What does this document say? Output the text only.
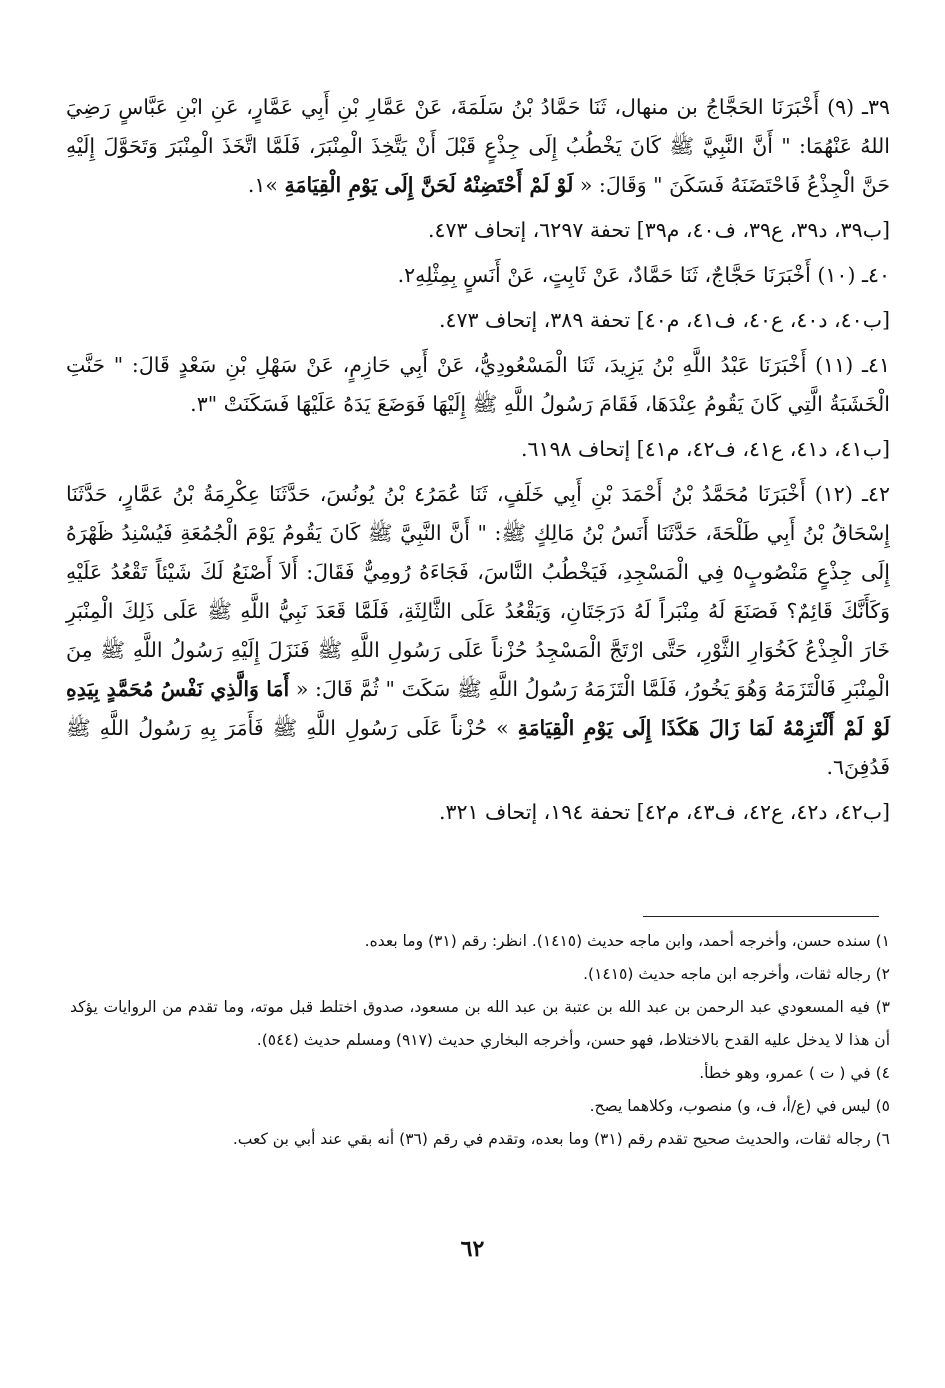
٣٩ـ (٩) أَخْبَرَنَا الحَجَّاجُ بن منهال، ثَنَا حَمَّادُ بْنُ سَلَمَةَ، عَنْ عَمَّارِ بْنِ أَبِي عَمَّارٍ، عَنِ ابْنِ عَبَّاسٍ رَضِيَ اللهُ عَنْهُمَا: " أَنَّ النَّبِيَّ ﷺ كَانَ يَخْطُبُ إِلَى جِذْعٍ قَبْلَ أَنْ يَتَّخِذَ الْمِنْبَرَ، فَلَمَّا اتَّخَذَ الْمِنْبَرَ وَتَحَوَّلَ إِلَيْهِ حَنَّ الْجِذْعُ فَاحْتَضَنَهُ فَسَكَنَ " وَقَالَ: « لَوْ لَمْ أَحْتَضِنْهُ لَحَنَّ إِلَى يَوْمِ الْقِيَامَةِ »١.

[ب٣٩، د٣٩، ع٣٩، ف٤٠، م٣٩] تحفة ٦٢٩٧، إتحاف ٤٧٣.

٤٠ـ (١٠) أَخْبَرَنَا حَجَّاجٌ، ثَنَا حَمَّادٌ، عَنْ ثَابِتٍ، عَنْ أَنَسٍ بِمِثْلِهِ٢.

[ب٤٠، د٤٠، ع٤٠، ف٤١، م٤٠] تحفة ٣٨٩، إتحاف ٤٧٣.

٤١ـ (١١) أَخْبَرَنَا عَبْدُ اللَّهِ بْنُ يَزِيدَ، ثَنَا الْمَسْعُودِيُّ، عَنْ أَبِي حَازِمٍ، عَنْ سَهْلِ بْنِ سَعْدٍ قَالَ: " حَنَّتِ الْخَشَبَةُ الَّتِي كَانَ يَقُومُ عِنْدَهَا، فَقَامَ رَسُولُ اللَّهِ ﷺ إِلَيْهَا فَوَضَعَ يَدَهُ عَلَيْهَا فَسَكَنَتْ "٣.

[ب٤١، د٤١، ع٤١، ف٤٢، م٤١] إتحاف ٦١٩٨.

٤٢ـ (١٢) أَخْبَرَنَا مُحَمَّدُ بْنُ أَحْمَدَ بْنِ أَبِي خَلَفٍ، ثَنَا عُمَرُ٤ بْنُ يُونُسَ، حَدَّثَنَا عِكْرِمَةُ بْنُ عَمَّارٍ، حَدَّثَنَا إِسْحَاقُ بْنُ أَبِي طَلْحَةَ، حَدَّثَنَا أَنَسُ بْنُ مَالِكٍ ﷺ: " أَنَّ النَّبِيَّ ﷺ كَانَ يَقُومُ يَوْمَ الْجُمُعَةِ فَيُسْنِدُ ظَهْرَهُ إِلَى جِذْعٍ مَنْصُوبٍ٥ فِي الْمَسْجِدِ، فَيَخْطُبُ النَّاسَ، فَجَاءَهُ رُومِيٌّ فَقَالَ: أَلاَ أَصْنَعُ لَكَ شَيْئاً تَقْعُدُ عَلَيْهِ وَكَأَنَّكَ قَائِمٌ؟ فَصَنَعَ لَهُ مِنْبَراً لَهُ دَرَجَتَانِ، وَيَقْعُدُ عَلَى الثَّالِثَةِ، فَلَمَّا قَعَدَ نَبِيُّ اللَّهِ ﷺ عَلَى ذَلِكَ الْمِنْبَرِ خَارَ الْجِذْعُ كَخُوَارِ الثَّوْرِ، حَتَّى ارْتَجَّ الْمَسْجِدُ حُزْناً عَلَى رَسُولِ اللَّهِ ﷺ فَنَزَلَ إِلَيْهِ رَسُولُ اللَّهِ ﷺ مِنَ الْمِنْبَرِ فَالْتَزَمَهُ وَهُوَ يَخُورُ، فَلَمَّا الْتَزَمَهُ رَسُولُ اللَّهِ ﷺ سَكَتَ " ثُمَّ قَالَ: « أَمَا وَالَّذِي نَفْسُ مُحَمَّدٍ بِيَدِهِ لَوْ لَمْ أَلْتَزِمْهُ لَمَا زَالَ هَكَذَا إِلَى يَوْمِ الْقِيَامَةِ » حُزْناً عَلَى رَسُولِ اللَّهِ ﷺ فَأَمَرَ بِهِ رَسُولُ اللَّهِ ﷺ فَدُفِنَ٦.

[ب٤٢، د٤٢، ع٤٢، ف٤٣، م٤٢] تحفة ١٩٤، إتحاف ٣٢١.

١) سنده حسن، وأخرجه أحمد، وابن ماجه حديث (١٤١٥). انظر: رقم (٣١) وما بعده.

٢) رجاله ثقات، وأخرجه ابن ماجه حديث (١٤١٥).

٣) فيه المسعودي عبد الرحمن بن عبد الله بن عتبة بن عبد الله بن مسعود، صدوق اختلط قبل موته، وما تقدم من الروايات يؤكد أن هذا لا يدخل عليه القدح بالاختلاط، فهو حسن، وأخرجه البخاري حديث (٩١٧) ومسلم حديث (٥٤٤).

٤) في ( ت ) عمرو، وهو خطأ.

٥) ليس في (ع/أ، ف، و) منصوب، وكلاهما يصح.

٦) رجاله ثقات، والحديث صحيح تقدم رقم (٣١) وما بعده، وتقدم في رقم (٣٦) أنه بقي عند أبي بن كعب.

٦٢
